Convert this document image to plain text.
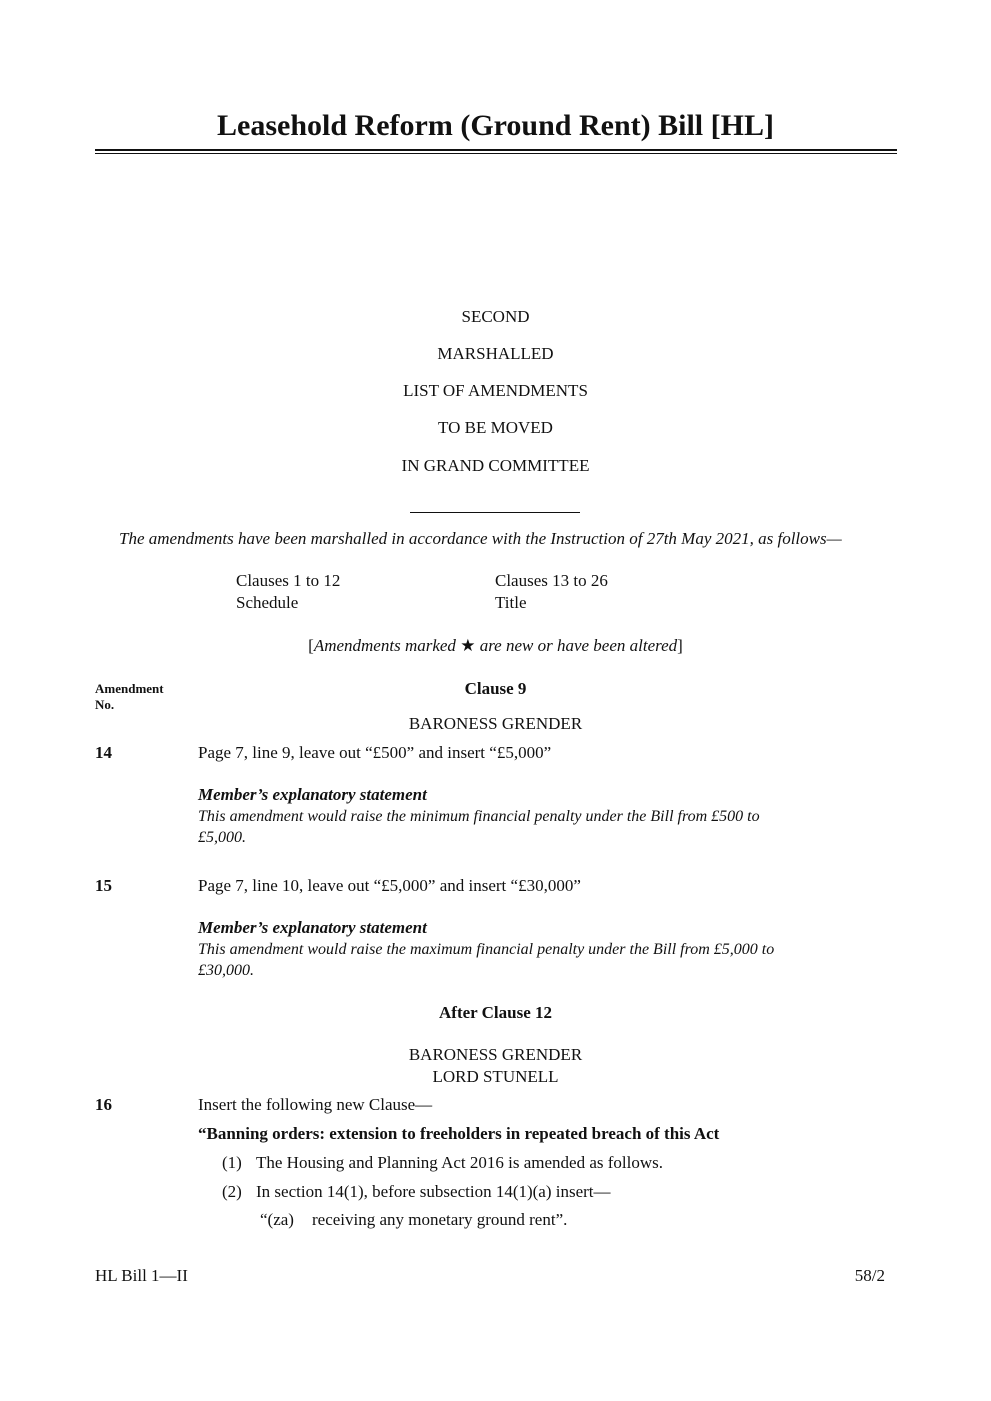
Leasehold Reform (Ground Rent) Bill [HL]
SECOND
MARSHALLED
LIST OF AMENDMENTS
TO BE MOVED
IN GRAND COMMITTEE
The amendments have been marshalled in accordance with the Instruction of 27th May 2021, as follows—
Clauses 1 to 12	Clauses 13 to 26
Schedule	Title
[Amendments marked ★ are new or have been altered]
Amendment
No.
Clause 9
BARONESS GRENDER
14	Page 7, line 9, leave out “£500” and insert “£5,000”
Member’s explanatory statement
This amendment would raise the minimum financial penalty under the Bill from £500 to
£5,000.
15	Page 7, line 10, leave out “£5,000” and insert “£30,000”
Member’s explanatory statement
This amendment would raise the maximum financial penalty under the Bill from £5,000 to
£30,000.
After Clause 12
BARONESS GRENDER
LORD STUNELL
16	Insert the following new Clause—
“Banning orders: extension to freeholders in repeated breach of this Act
(1) The Housing and Planning Act 2016 is amended as follows.
(2) In section 14(1), before subsection 14(1)(a) insert—
“(za) receiving any monetary ground rent”.
HL Bill 1—II	58/2
